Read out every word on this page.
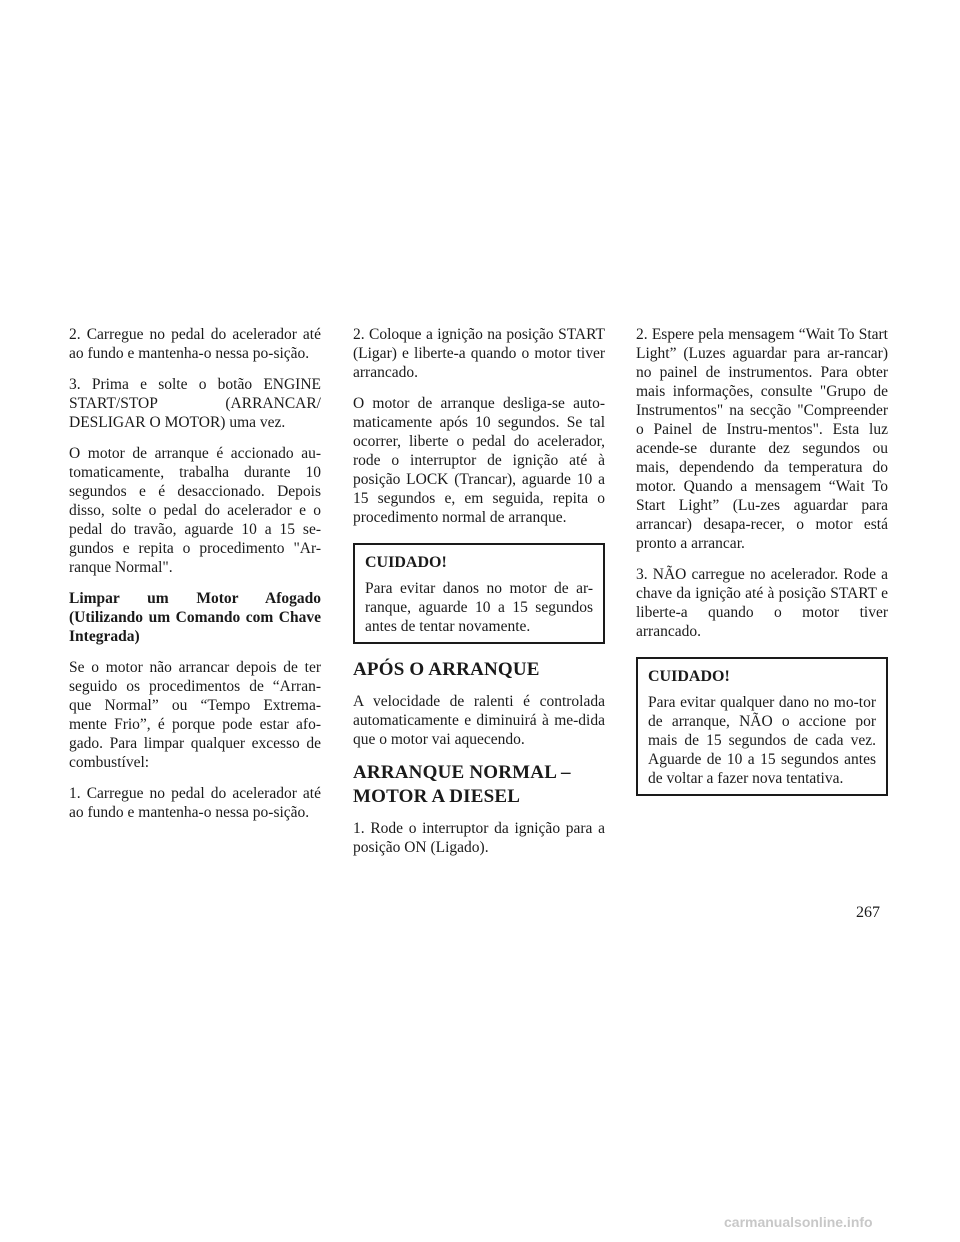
2. Carregue no pedal do acelerador até ao fundo e mantenha-o nessa po-sição.

3. Prima e solte o botão ENGINE START/STOP (ARRANCAR/ DESLIGAR O MOTOR) uma vez.

O motor de arranque é accionado au-tomaticamente, trabalha durante 10 segundos e é desaccionado. Depois disso, solte o pedal do acelerador e o pedal do travão, aguarde 10 a 15 se-gundos e repita o procedimento "Ar-ranque Normal".

Limpar um Motor Afogado (Utilizando um Comando com Chave Integrada)

Se o motor não arrancar depois de ter seguido os procedimentos de “Arran-que Normal” ou “Tempo Extrema-mente Frio”, é porque pode estar afo-gado. Para limpar qualquer excesso de combustível:

1. Carregue no pedal do acelerador até ao fundo e mantenha-o nessa po-sição.

2. Coloque a ignição na posição START (Ligar) e liberte-a quando o motor tiver arrancado.

O motor de arranque desliga-se auto-maticamente após 10 segundos. Se tal ocorrer, liberte o pedal do acelerador, rode o interruptor de ignição até à posição LOCK (Trancar), aguarde 10 a 15 segundos e, em seguida, repita o procedimento normal de arranque.

CUIDADO!

Para evitar danos no motor de ar-ranque, aguarde 10 a 15 segundos antes de tentar novamente.

APÓS O ARRANQUE

A velocidade de ralenti é controlada automaticamente e diminuirá à me-dida que o motor vai aquecendo.

ARRANQUE NORMAL – MOTOR A DIESEL

1. Rode o interruptor da ignição para a posição ON (Ligado).

2. Espere pela mensagem “Wait To Start Light” (Luzes aguardar para ar-rancar) no painel de instrumentos. Para obter mais informações, consulte "Grupo de Instrumentos" na secção "Compreender o Painel de Instru-mentos". Esta luz acende-se durante dez segundos ou mais, dependendo da temperatura do motor. Quando a mensagem “Wait To Start Light” (Lu-zes aguardar para arrancar) desapa-recer, o motor está pronto a arrancar.

3. NÃO carregue no acelerador. Rode a chave da ignição até à posição START e liberte-a quando o motor tiver arrancado.

CUIDADO!

Para evitar qualquer dano no mo-tor de arranque, NÃO o accione por mais de 15 segundos de cada vez. Aguarde de 10 a 15 segundos antes de voltar a fazer nova tentativa.

267
carmanualsonline.info
